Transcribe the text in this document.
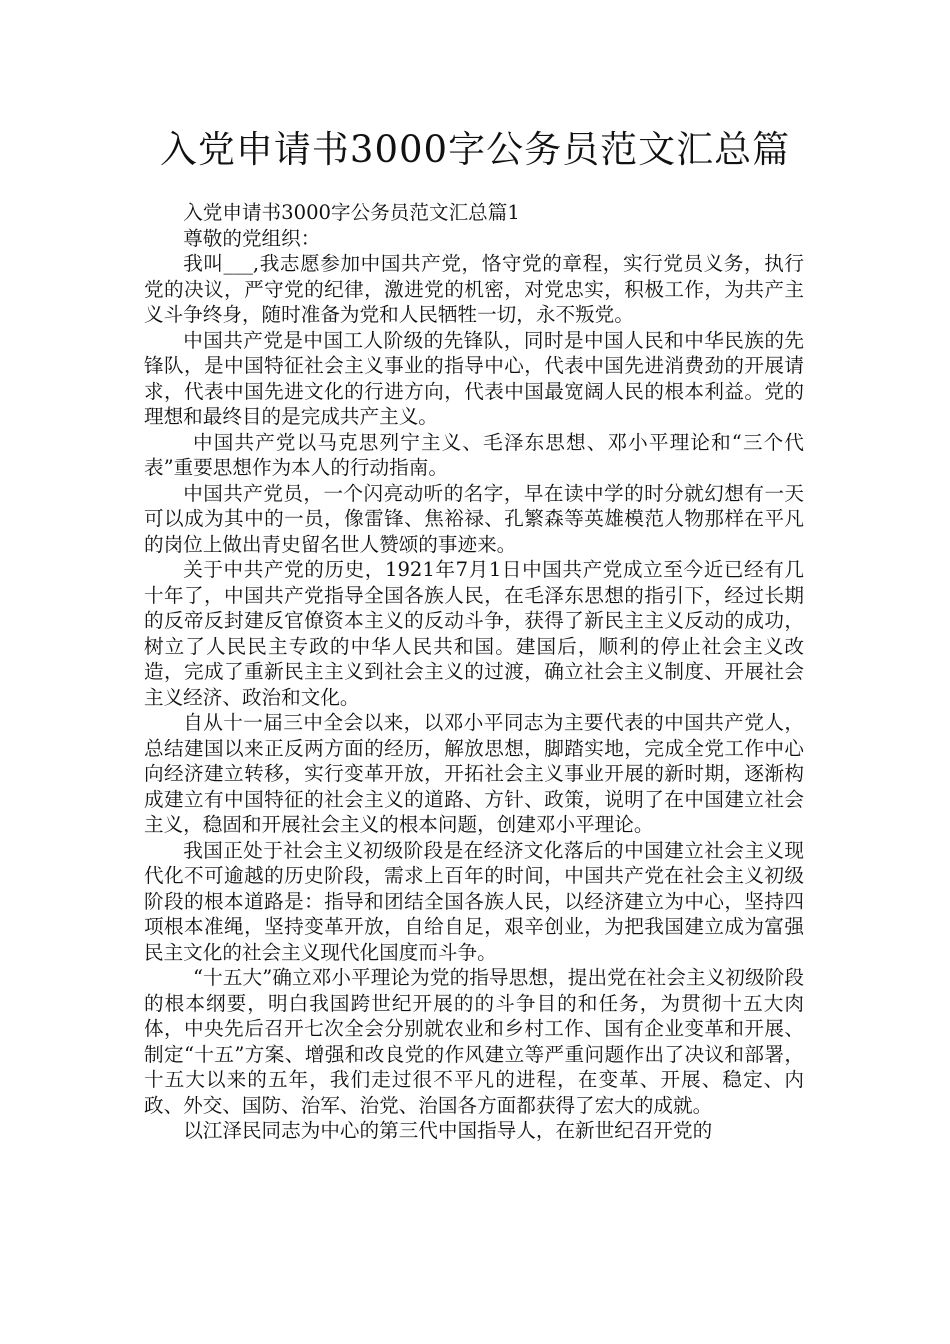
入党申请书3000字公务员范文汇总篇

入党申请书3000字公务员范文汇总篇1

尊敬的党组织：

我叫___,我志愿参加中国共产党，恪守党的章程，实行党员义务，执行党的决议，严守党的纪律，激进党的机密，对党忠实，积极工作，为共产主义斗争终身，随时准备为党和人民牺牲一切，永不叛党。

中国共产党是中国工人阶级的先锋队，同时是中国人民和中华民族的先锋队，是中国特征社会主义事业的指导中心，代表中国先进消费劲的开展请求，代表中国先进文化的行进方向，代表中国最宽阔人民的根本利益。党的理想和最终目的是完成共产主义。

中国共产党以马克思列宁主义、毛泽东思想、邓小平理论和“三个代表”重要思想作为本人的行动指南。

中国共产党员，一个闪亮动听的名字，早在读中学的时分就幻想有一天可以成为其中的一员，像雷锋、焦裕禄、孔繁森等英雄模范人物那样在平凡的岗位上做出青史留名世人赞颂的事迹来。

关于中共产党的历史，1921年7月1日中国共产党成立至今近已经有几十年了，中国共产党指导全国各族人民，在毛泽东思想的指引下，经过长期的反帝反封建反官僚资本主义的反动斗争，获得了新民主主义反动的成功，树立了人民民主专政的中华人民共和国。建国后，顺利的停止社会主义改造，完成了重新民主主义到社会主义的过渡，确立社会主义制度、开展社会主义经济、政治和文化。

自从十一届三中全会以来，以邓小平同志为主要代表的中国共产党人，总结建国以来正反两方面的经历，解放思想，脚踏实地，完成全党工作中心向经济建立转移，实行变革开放，开拓社会主义事业开展的新时期，逐渐构成建立有中国特征的社会主义的道路、方针、政策，说明了在中国建立社会主义，稳固和开展社会主义的根本问题，创建邓小平理论。

我国正处于社会主义初级阶段是在经济文化落后的中国建立社会主义现代化不可逾越的历史阶段，需求上百年的时间，中国共产党在社会主义初级阶段的根本道路是：指导和团结全国各族人民，以经济建立为中心，坚持四项根本准绳，坚持变革开放，自给自足，艰辛创业，为把我国建立成为富强民主文化的社会主义现代化国度而斗争。

“十五大”确立邓小平理论为党的指导思想，提出党在社会主义初级阶段的根本纲要，明白我国跨世纪开展的的斗争目的和任务，为贯彻十五大肉体，中央先后召开七次全会分别就农业和乡村工作、国有企业变革和开展、制定“十五”方案、增强和改良党的作风建立等严重问题作出了决议和部署，十五大以来的五年，我们走过很不平凡的进程，在变革、开展、稳定、内政、外交、国防、治军、治党、治国各方面都获得了宏大的成就。

以江泽民同志为中心的第三代中国指导人，在新世纪召开党的
